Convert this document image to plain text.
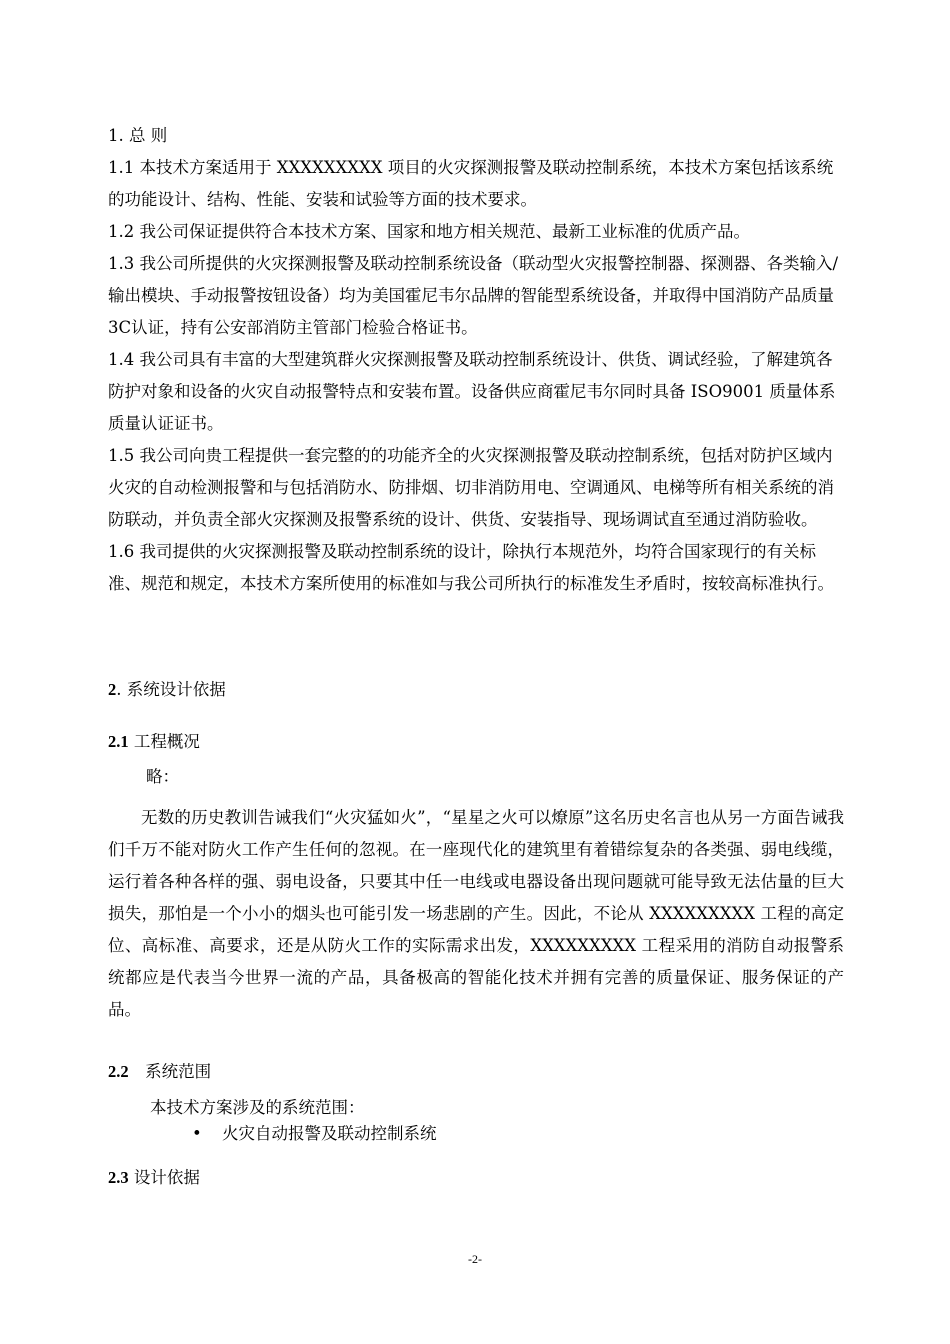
1. 总 则

1.1 本技术方案适用于 XXXXXXXXX 项目的火灾探测报警及联动控制系统，本技术方案包括该系统的功能设计、结构、性能、安装和试验等方面的技术要求。

1.2 我公司保证提供符合本技术方案、国家和地方相关规范、最新工业标准的优质产品。

1.3 我公司所提供的火灾探测报警及联动控制系统设备（联动型火灾报警控制器、探测器、各类输入/输出模块、手动报警按钮设备）均为美国霍尼韦尔品牌的智能型系统设备，并取得中国消防产品质量3C认证，持有公安部消防主管部门检验合格证书。

1.4 我公司具有丰富的大型建筑群火灾探测报警及联动控制系统设计、供货、调试经验，了解建筑各防护对象和设备的火灾自动报警特点和安装布置。设备供应商霍尼韦尔同时具备 ISO9001 质量体系质量认证证书。

1.5 我公司向贵工程提供一套完整的的功能齐全的火灾探测报警及联动控制系统，包括对防护区域内火灾的自动检测报警和与包括消防水、防排烟、切非消防用电、空调通风、电梯等所有相关系统的消防联动，并负责全部火灾探测及报警系统的设计、供货、安装指导、现场调试直至通过消防验收。

1.6 我司提供的火灾探测报警及联动控制系统的设计，除执行本规范外，均符合国家现行的有关标准、规范和规定，本技术方案所使用的标准如与我公司所执行的标准发生矛盾时，按较高标准执行。

2. 系统设计依据
2.1 工程概况
略：
无数的历史教训告诫我们“火灾猛如火”，“星星之火可以燎原”这名历史名言也从另一方面告诫我们千万不能对防火工作产生任何的忽视。在一座现代化的建筑里有着错综复杂的各类强、弱电线缆，运行着各种各样的强、弱电设备，只要其中任一电线或电器设备出现问题就可能导致无法估量的巨大损失，那怕是一个小小的烟头也可能引发一场悲剧的产生。因此，不论从 XXXXXXXXX 工程的高定位、高标准、高要求，还是从防火工作的实际需求出发，XXXXXXXXX 工程采用的消防自动报警系统都应是代表当今世界一流的产品，具备极高的智能化技术并拥有完善的质量保证、服务保证的产品。
2.2　系统范围
本技术方案涉及的系统范围：
• 火灾自动报警及联动控制系统
2.3 设计依据
-2-
